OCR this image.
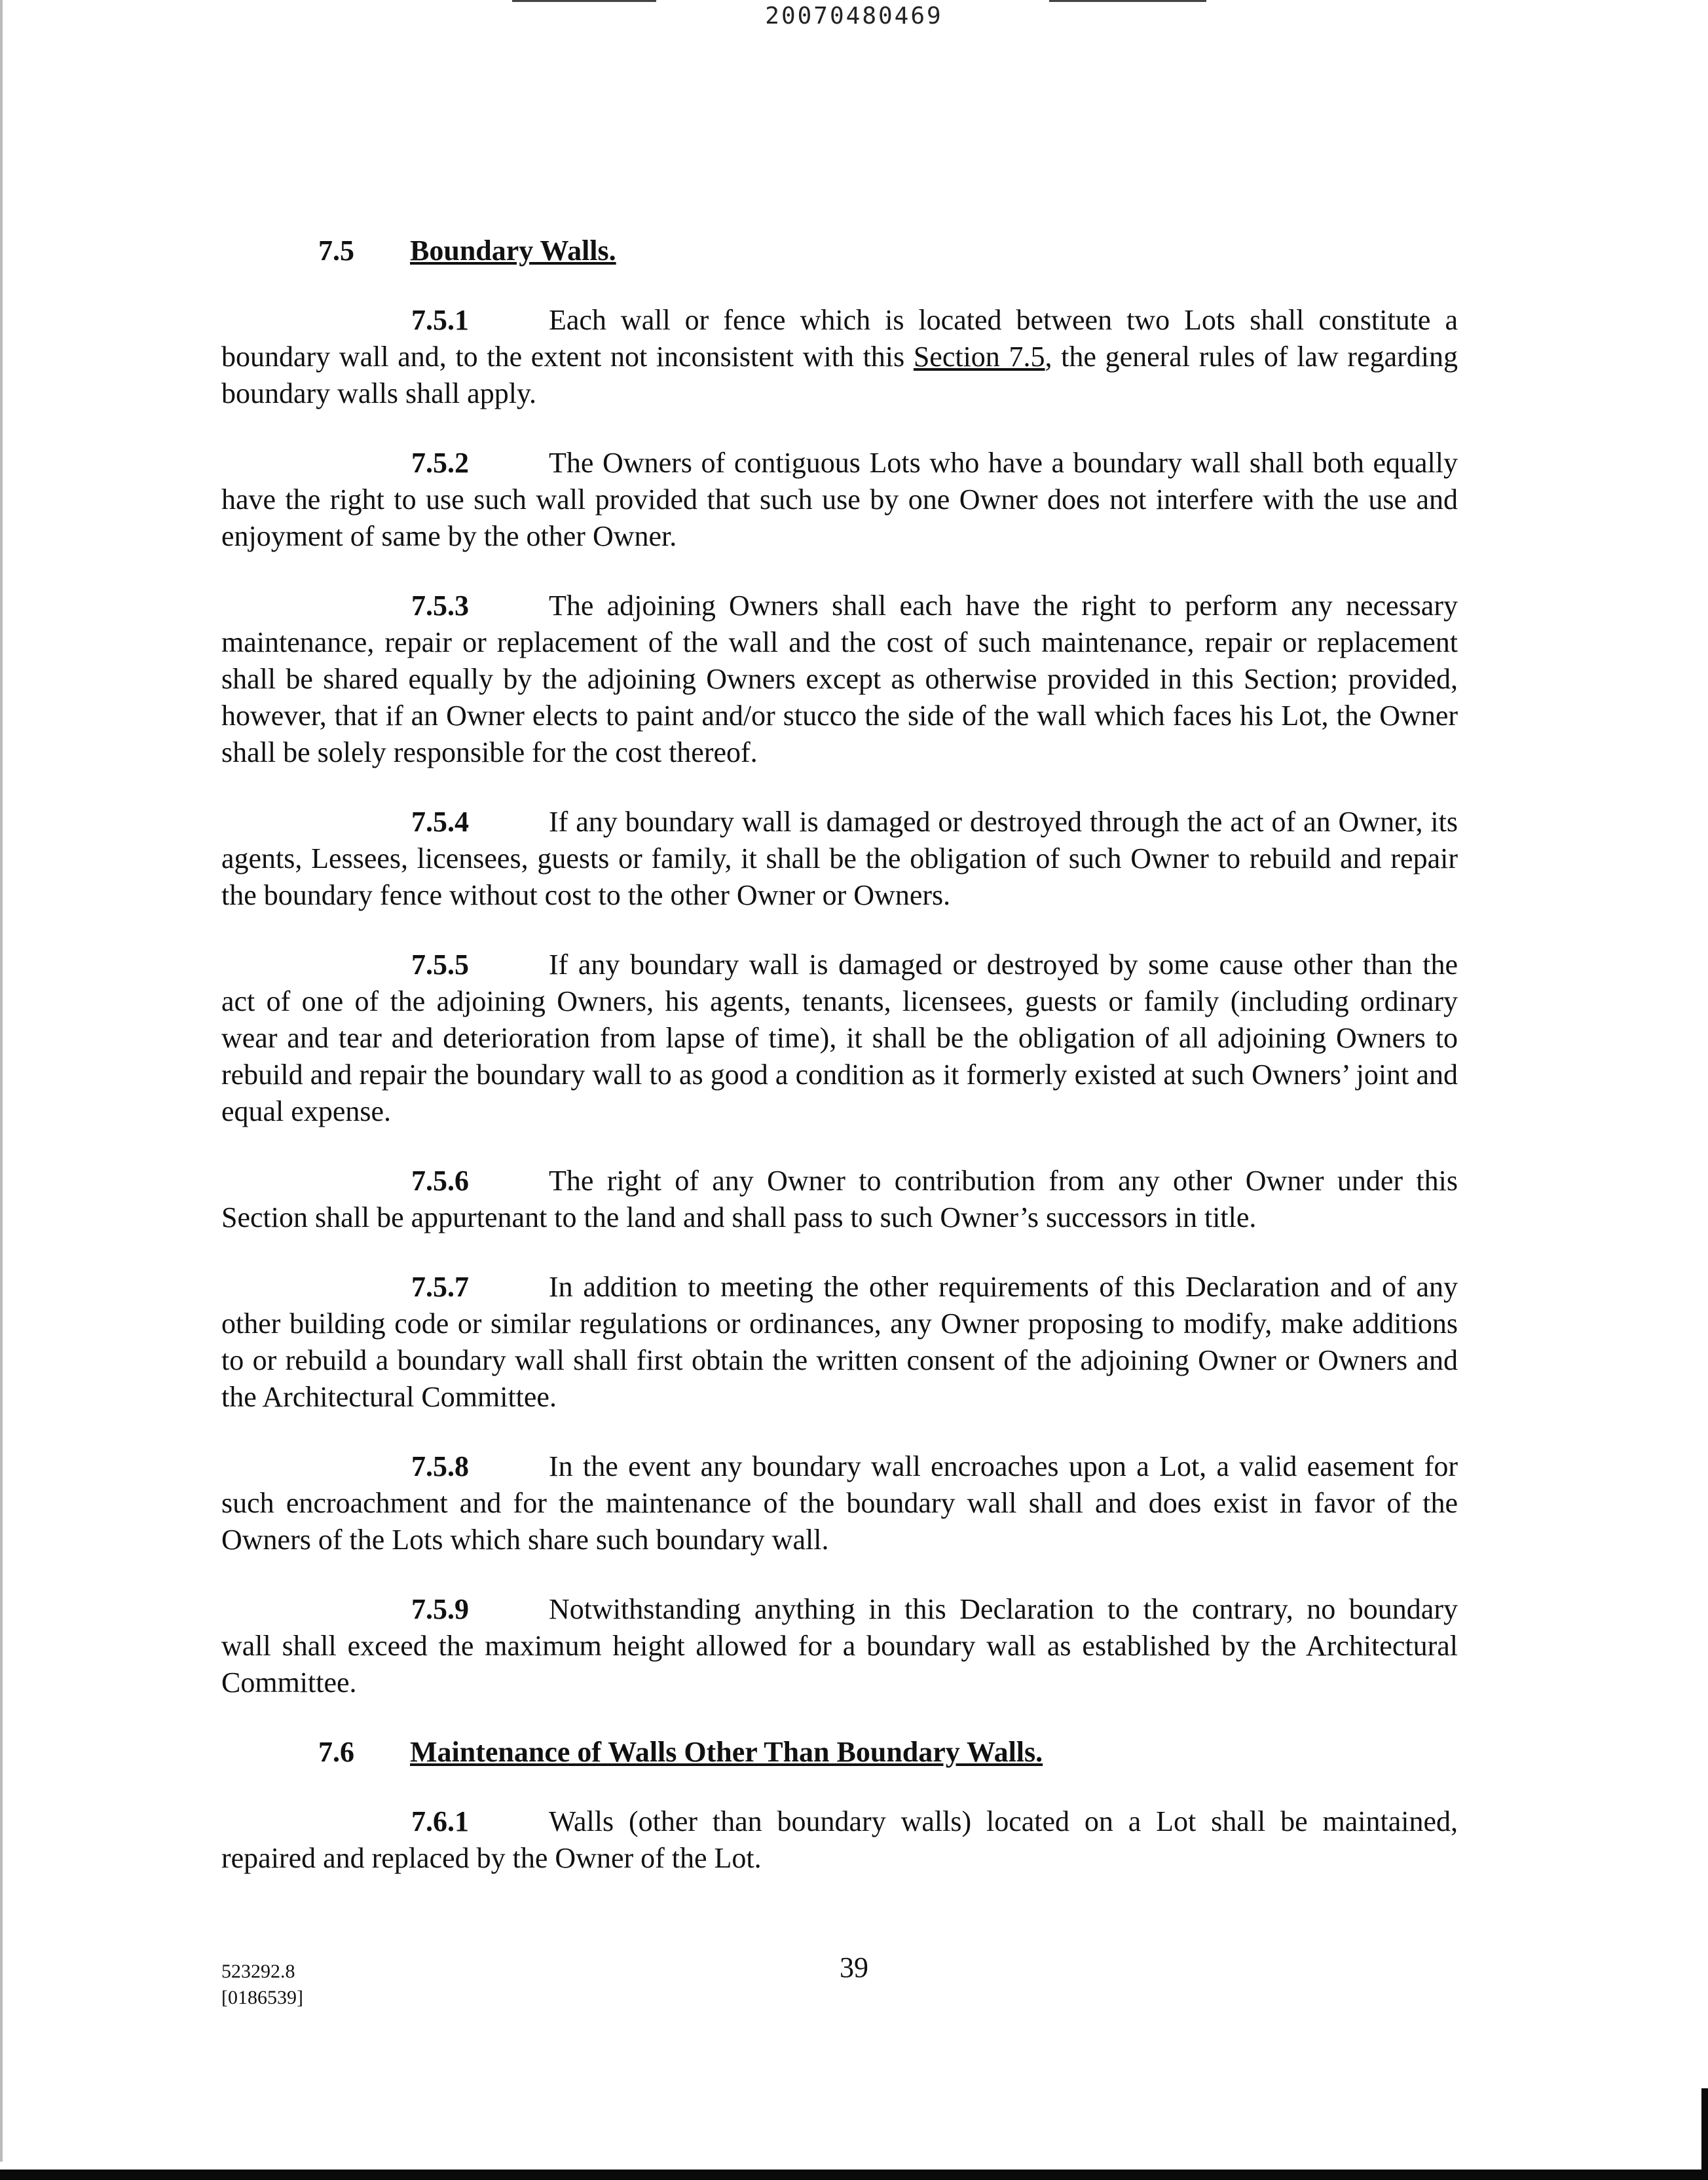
20070480469

7.5 Boundary Walls.

7.5.1	Each wall or fence which is located between two Lots shall constitute a boundary wall and, to the extent not inconsistent with this Section 7.5, the general rules of law regarding boundary walls shall apply.

7.5.2	The Owners of contiguous Lots who have a boundary wall shall both equally have the right to use such wall provided that such use by one Owner does not interfere with the use and enjoyment of same by the other Owner.

7.5.3	The adjoining Owners shall each have the right to perform any necessary maintenance, repair or replacement of the wall and the cost of such maintenance, repair or replacement shall be shared equally by the adjoining Owners except as otherwise provided in this Section; provided, however, that if an Owner elects to paint and/or stucco the side of the wall which faces his Lot, the Owner shall be solely responsible for the cost thereof.

7.5.4	If any boundary wall is damaged or destroyed through the act of an Owner, its agents, Lessees, licensees, guests or family, it shall be the obligation of such Owner to rebuild and repair the boundary fence without cost to the other Owner or Owners.

7.5.5	If any boundary wall is damaged or destroyed by some cause other than the act of one of the adjoining Owners, his agents, tenants, licensees, guests or family (including ordinary wear and tear and deterioration from lapse of time), it shall be the obligation of all adjoining Owners to rebuild and repair the boundary wall to as good a condition as it formerly existed at such Owners’ joint and equal expense.

7.5.6	The right of any Owner to contribution from any other Owner under this Section shall be appurtenant to the land and shall pass to such Owner’s successors in title.

7.5.7	In addition to meeting the other requirements of this Declaration and of any other building code or similar regulations or ordinances, any Owner proposing to modify, make additions to or rebuild a boundary wall shall first obtain the written consent of the adjoining Owner or Owners and the Architectural Committee.

7.5.8	In the event any boundary wall encroaches upon a Lot, a valid easement for such encroachment and for the maintenance of the boundary wall shall and does exist in favor of the Owners of the Lots which share such boundary wall.

7.5.9	Notwithstanding anything in this Declaration to the contrary, no boundary wall shall exceed the maximum height allowed for a boundary wall as established by the Architectural Committee.

7.6 Maintenance of Walls Other Than Boundary Walls.

7.6.1	Walls (other than boundary walls) located on a Lot shall be maintained, repaired and replaced by the Owner of the Lot.

523292.8
[0186539]
39
